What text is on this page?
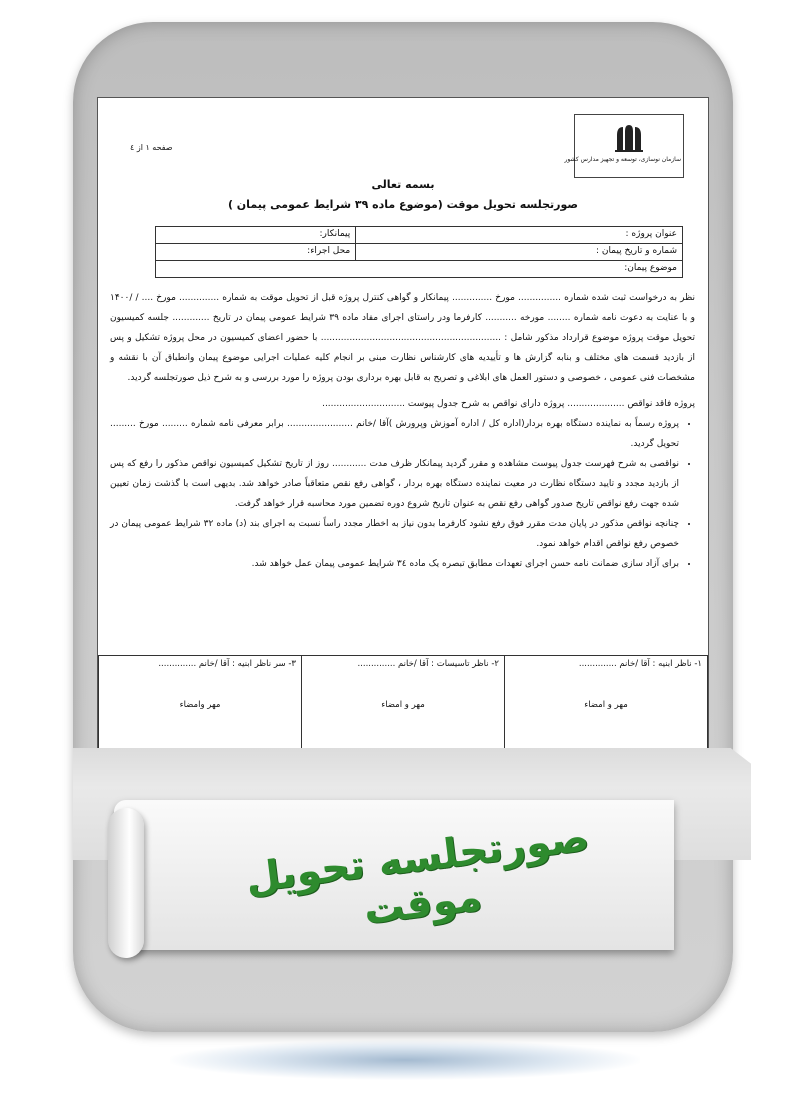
سازمان نوسازی، توسعه و تجهیز مدارس کشور
صفحه ۱ از ٤
بسمه تعالی
صورتجلسه تحویل موقت (موضوع ماده ۳۹ شرایط عمومی پیمان )
عنوان پروژه :	پیمانکار:
شماره و تاریخ پیمان :	محل اجراء:
موضوع پیمان:	

نظر به درخواست ثبت شده شماره ............... مورخ .............. پیمانکار و گواهی کنترل پروژه قبل از تحویل موقت به شماره .............. مورخ .... / /۱۴۰۰ و با عنایت به دعوت نامه شماره ........ مورخه ........... کارفرما ودر راستای اجرای مفاد ماده ۳۹ شرایط عمومی پیمان در تاریخ ............. جلسه کمیسیون تحویل موقت پروژه موضوع قرارداد مذکور شامل : ............................................................... با حضور اعضای کمیسیون در محل پروژه تشکیل و پس از بازدید قسمت های مختلف و بنابه گزارش ها و تأییدیه های کارشناس نظارت مبنی بر انجام کلیه عملیات اجرایی موضوع پیمان وانطباق آن با نقشه و مشخصات فنی عمومی ، خصوصی و دستور العمل های ابلاغی و تصریح به قابل بهره برداری بودن پروژه را مورد بررسی و به شرح ذیل صورتجلسه گردید.

پروژه فاقد نواقص .................... پروژه دارای نواقص به شرح جدول پیوست .............................

• پروژه رسماً به نماینده دستگاه بهره بردار(اداره کل / اداره آموزش وپرورش )آقا /خانم ....................... برابر معرفی نامه شماره ......... مورخ ......... تحویل گردید.
• نواقصی به شرح فهرست جدول پیوست مشاهده و مقرر گردید پیمانکار ظرف مدت ............ روز از تاریخ تشکیل کمیسیون نواقص مذکور را رفع که پس از بازدید مجدد و تایید دستگاه نظارت در معیت نماینده دستگاه بهره بردار ، گواهی رفع نقص متعاقباً صادر خواهد شد. بدیهی است با گذشت زمان تعیین شده جهت رفع نواقص تاریخ صدور گواهی رفع نقص به عنوان تاریخ شروع دوره تضمین مورد محاسبه قرار خواهد گرفت.
• چنانچه نواقص مذکور در پایان مدت مقرر فوق رفع نشود کارفرما بدون نیاز به اخطار مجدد راساً نسبت به اجرای بند (د) ماده ۳۲ شرایط عمومی پیمان در خصوص رفع نواقص اقدام خواهد نمود.
• برای آزاد سازی ضمانت نامه حسن اجرای تعهدات مطابق تبصره یک ماده ۳٤ شرایط عمومی پیمان عمل خواهد شد.
۱- ناظر ابنیه : آقا /خانم ..............
مهر و امضاء

۲- ناظر تاسیسات : آقا /خانم ..............
مهر و امضاء

۳- سر ناظر ابنیه : آقا /خانم ..............
مهر وامضاء
صورتجلسه تحویل موقت
